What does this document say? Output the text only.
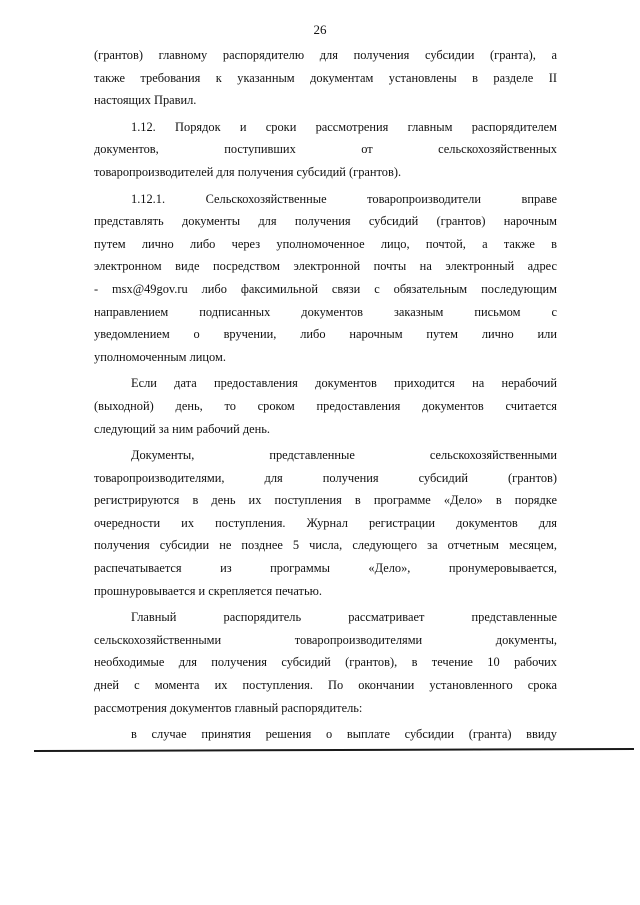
26

(грантов) главному распорядителю для получения субсидии (гранта), а
также требования к указанным документам установлены в разделе II
настоящих Правил.

1.12. Порядок и сроки рассмотрения главным распорядителем
документов, поступивших от сельскохозяйственных
товаропроизводителей для получения субсидий (грантов).

1.12.1. Сельскохозяйственные товаропроизводители вправе
представлять документы для получения субсидий (грантов) нарочным
путем лично либо через уполномоченное лицо, почтой, а также в
электронном виде посредством электронной почты на электронный адрес
- msx@49gov.ru либо факсимильной связи с обязательным последующим
направлением подписанных документов заказным письмом с
уведомлением о вручении, либо нарочным путем лично или
уполномоченным лицом.

Если дата предоставления документов приходится на нерабочий
(выходной) день, то сроком предоставления документов считается
следующий за ним рабочий день.

Документы, представленные сельскохозяйственными
товаропроизводителями, для получения субсидий (грантов)
регистрируются в день их поступления в программе «Дело» в порядке
очередности их поступления. Журнал регистрации документов для
получения субсидии не позднее 5 числа, следующего за отчетным месяцем,
распечатывается из программы «Дело», пронумеровывается,
прошнуровывается и скрепляется печатью.

Главный распорядитель рассматривает представленные
сельскохозяйственными товаропроизводителями документы,
необходимые для получения субсидий (грантов), в течение 10 рабочих
дней с момента их поступления. По окончании установленного срока
рассмотрения документов главный распорядитель:

в случае принятия решения о выплате субсидии (гранта) ввиду
